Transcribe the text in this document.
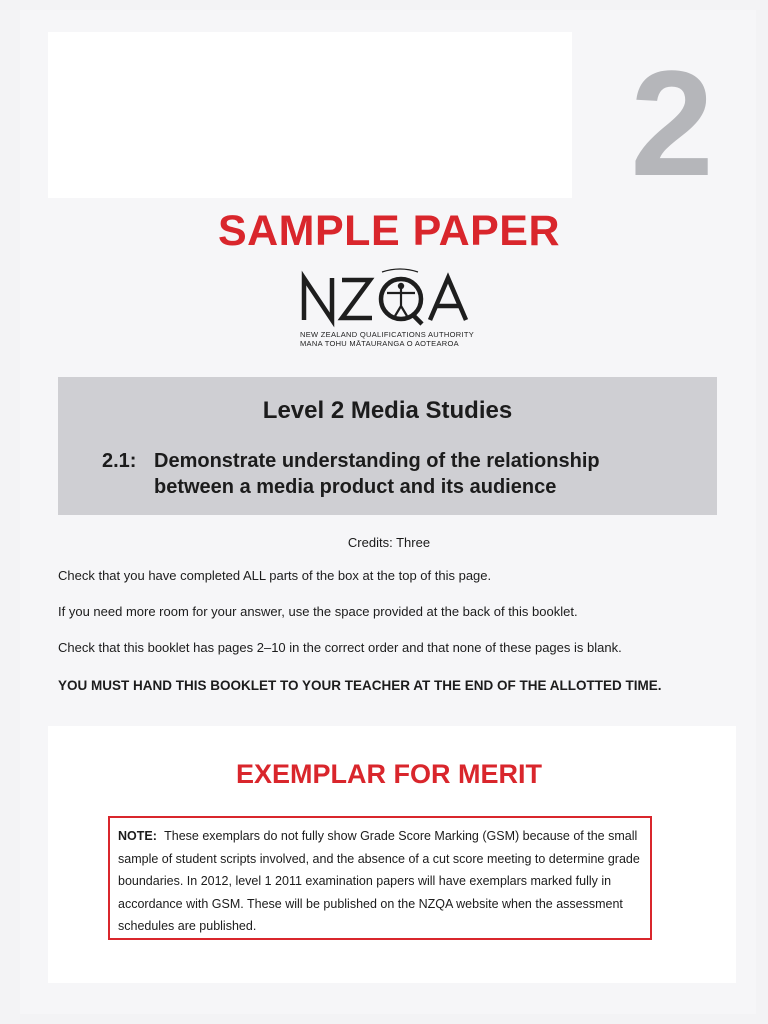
2
SAMPLE PAPER
NEW ZEALAND QUALIFICATIONS AUTHORITY
MANA TOHU MĀTAURANGA O AOTEAROA
Level 2 Media Studies
2.1: Demonstrate understanding of the relationship
between a media product and its audience
Credits: Three
Check that you have completed ALL parts of the box at the top of this page.
If you need more room for your answer, use the space provided at the back of this booklet.
Check that this booklet has pages 2–10 in the correct order and that none of these pages is blank.
YOU MUST HAND THIS BOOKLET TO YOUR TEACHER AT THE END OF THE ALLOTTED TIME.
EXEMPLAR FOR MERIT
NOTE: These exemplars do not fully show Grade Score Marking (GSM) because of the small sample of student scripts involved, and the absence of a cut score meeting to determine grade boundaries. In 2012, level 1 2011 examination papers will have exemplars marked fully in accordance with GSM. These will be published on the NZQA website when the assessment schedules are published.
